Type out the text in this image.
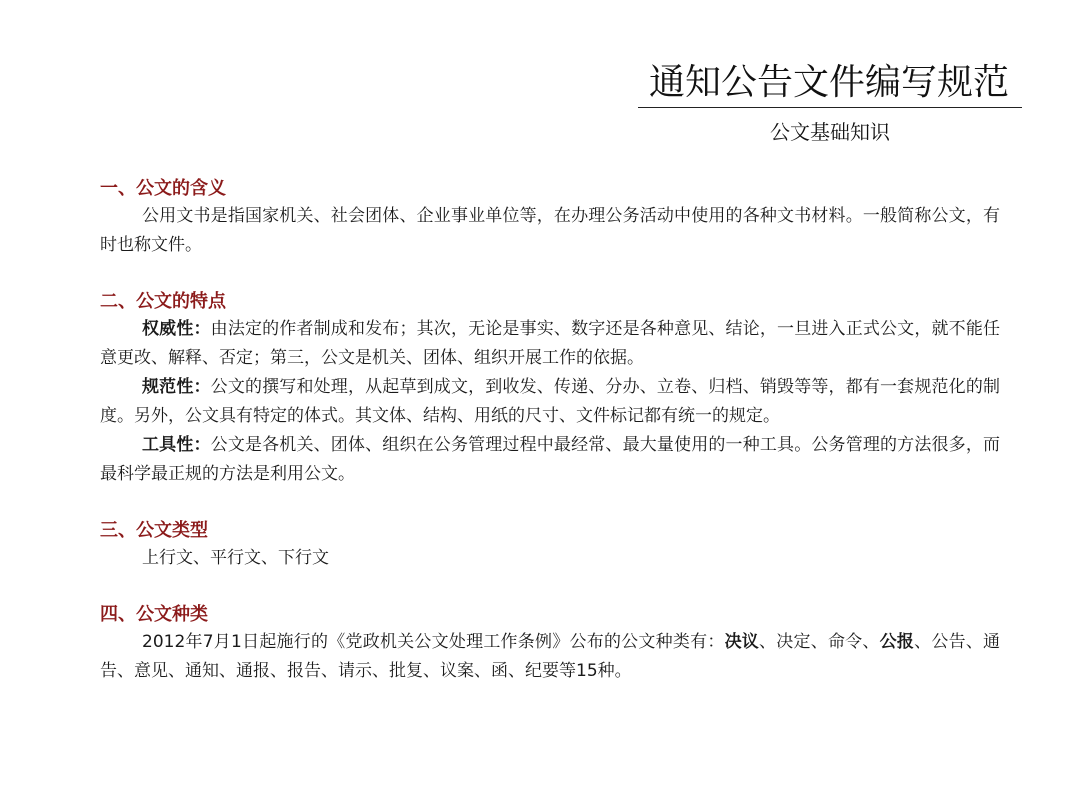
通知公告文件编写规范
公文基础知识
一、公文的含义

公用文书是指国家机关、社会团体、企业事业单位等，在办理公务活动中使用的各种文书材料。一般简称公文，有时也称文件。

二、公文的特点

权威性：由法定的作者制成和发布；其次，无论是事实、数字还是各种意见、结论，一旦进入正式公文，就不能任意更改、解释、否定；第三，公文是机关、团体、组织开展工作的依据。

规范性：公文的撰写和处理，从起草到成文，到收发、传递、分办、立卷、归档、销毁等等，都有一套规范化的制度。另外，公文具有特定的体式。其文体、结构、用纸的尺寸、文件标记都有统一的规定。

工具性：公文是各机关、团体、组织在公务管理过程中最经常、最大量使用的一种工具。公务管理的方法很多，而最科学最正规的方法是利用公文。

三、公文类型

上行文、平行文、下行文

四、公文种类

2012年7月1日起施行的《党政机关公文处理工作条例》公布的公文种类有：决议、决定、命令、公报、公告、通告、意见、通知、通报、报告、请示、批复、议案、函、纪要等15种。
